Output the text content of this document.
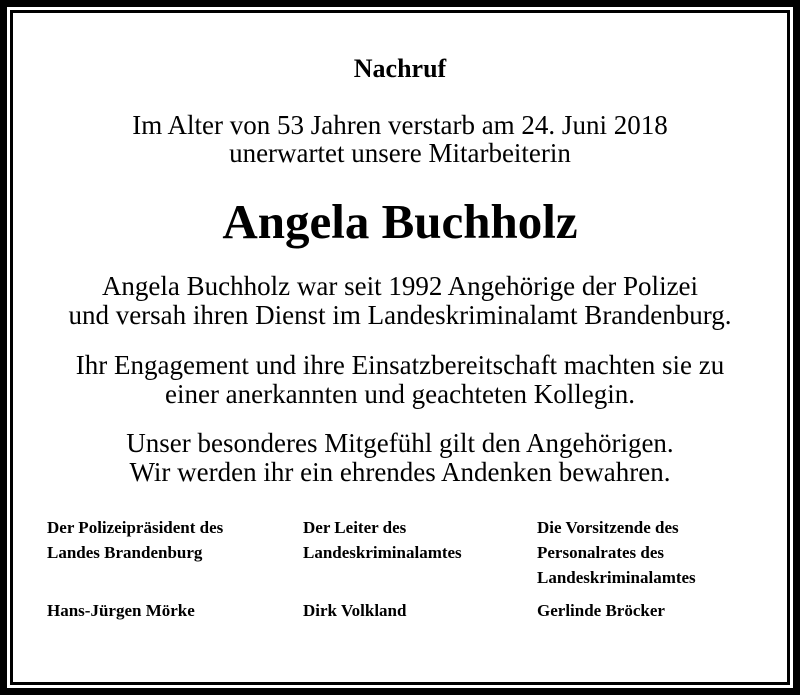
Nachruf
Im Alter von 53 Jahren verstarb am 24. Juni 2018
unerwartet unsere Mitarbeiterin
Angela Buchholz
Angela Buchholz war seit 1992 Angehörige der Polizei
und versah ihren Dienst im Landeskriminalamt Brandenburg.
Ihr Engagement und ihre Einsatzbereitschaft machten sie zu
einer anerkannten und geachteten Kollegin.
Unser besonderes Mitgefühl gilt den Angehörigen.
Wir werden ihr ein ehrendes Andenken bewahren.
Der Polizeipräsident des
Landes Brandenburg
Hans-Jürgen Mörke
Der Leiter des
Landeskriminalamtes
Dirk Volkland
Die Vorsitzende des
Personalrates des
Landeskriminalamtes
Gerlinde Bröcker
